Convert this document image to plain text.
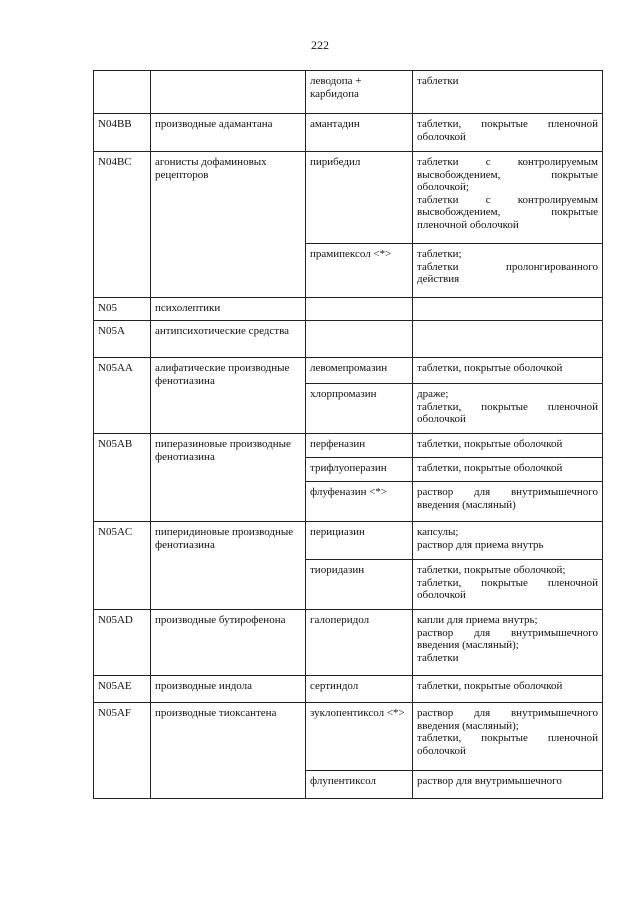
222
		леводопа + карбидопа	таблетки

N04BB	производные адамантана	амантадин	таблетки, покрытые пленочной оболочкой

N04BC	агонисты дофаминовых рецепторов	пирибедил	таблетки с контролируемым высвобождением, покрытые оболочкой;
таблетки с контролируемым высвобождением, покрытые пленочной оболочкой

		прамипексол <*>	таблетки;
таблетки пролонгированного действия

N05	психолептики		
N05A	антипсихотические средства		
N05AA	алифатические производные фенотиазина	левомепромазин	таблетки, покрытые оболочкой

		хлорпромазин	драже;
таблетки, покрытые пленочной оболочкой

N05AB	пиперазиновые производные фенотиазина	перфеназин	таблетки, покрытые оболочкой

		трифлуоперазин	таблетки, покрытые оболочкой

		флуфеназин <*>	раствор для внутримышечного введения (масляный)

N05AC	пиперидиновые производные фенотиазина	перициазин	капсулы;
раствор для приема внутрь

		тиоридазин	таблетки, покрытые оболочкой;
таблетки, покрытые пленочной оболочкой

N05AD	производные бутирофенона	галоперидол	капли для приема внутрь;
раствор для внутримышечного введения (масляный);
таблетки

N05AE	производные индола	сертиндол	таблетки, покрытые оболочкой

N05AF	производные тиоксантена	зуклопентиксол <*>	раствор для внутримышечного введения (масляный);
таблетки, покрытые пленочной оболочкой

		флупентиксол	раствор для внутримышечного
